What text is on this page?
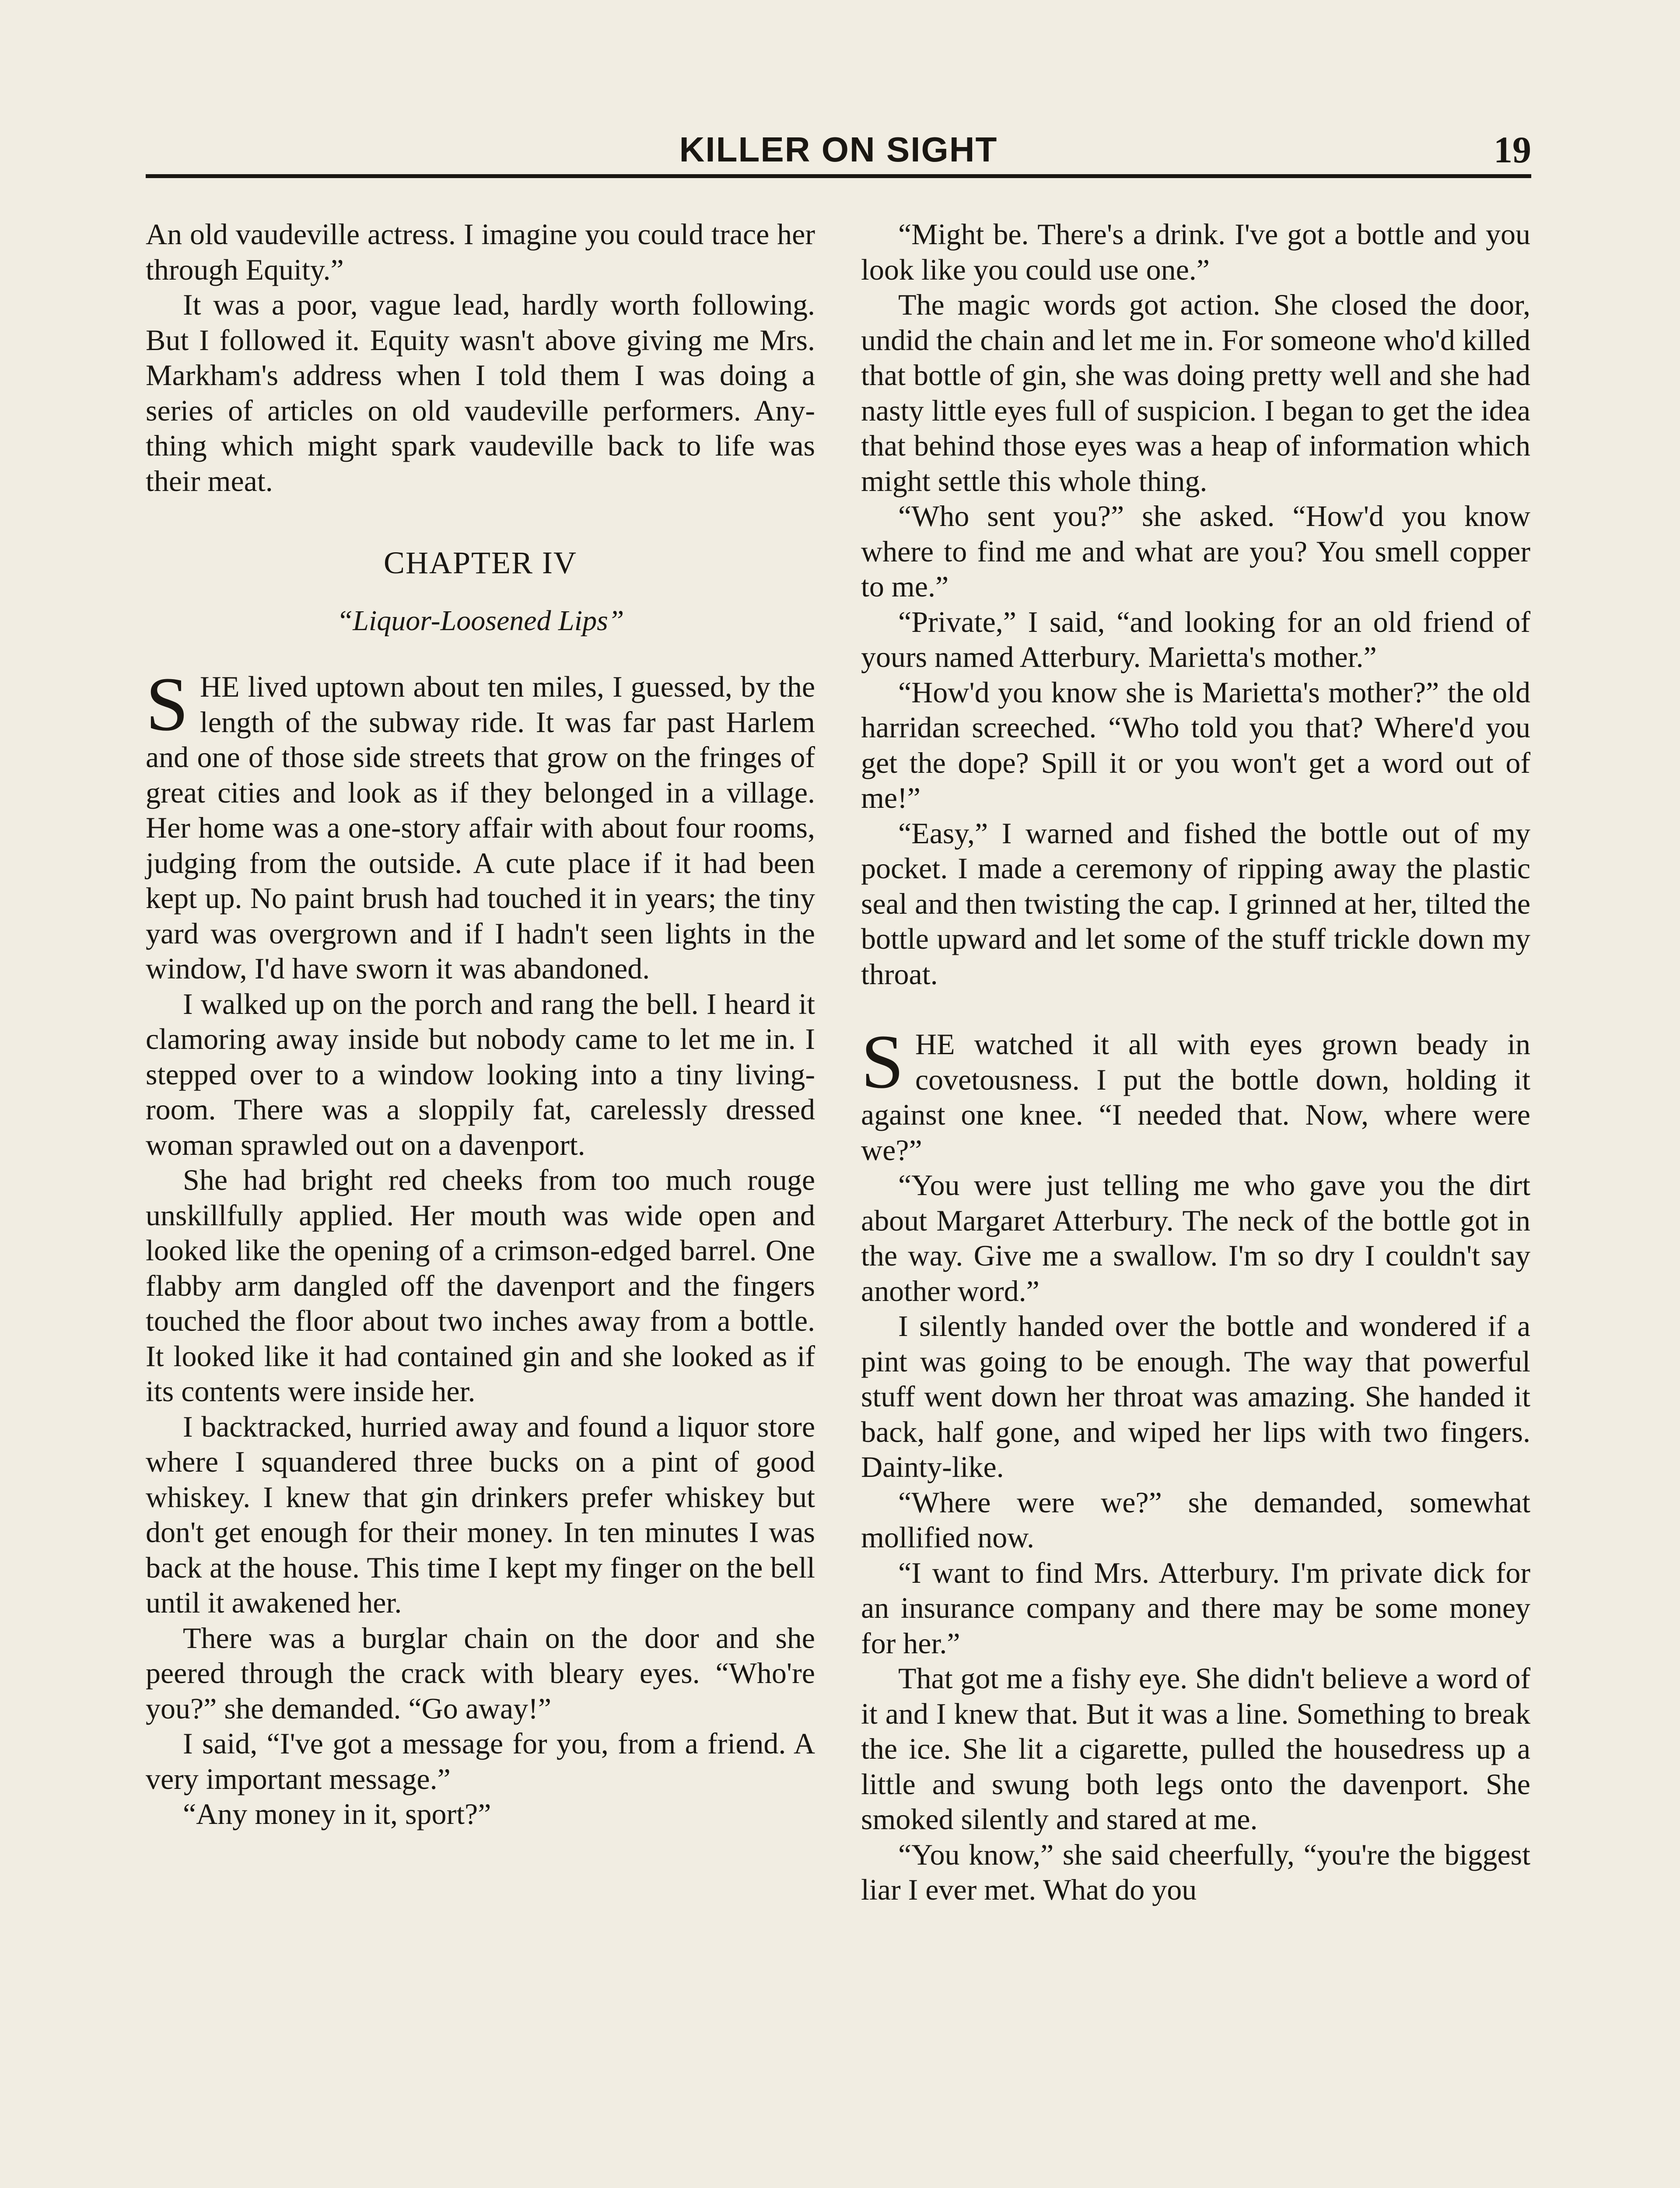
KILLER ON SIGHT	19

An old vaudeville actress. I imagine you could trace her through Equity.”

It was a poor, vague lead, hardly worth following. But I followed it. Equity wasn't above giving me Mrs. Markham's address when I told them I was doing a series of articles on old vaudeville performers. Anything which might spark vaudeville back to life was their meat.

CHAPTER IV
“Liquor-Loosened Lips”

SHE lived uptown about ten miles, I guessed, by the length of the subway ride. It was far past Harlem and one of those side streets that grow on the fringes of great cities and look as if they belonged in a village. Her home was a one-story affair with about four rooms, judging from the outside. A cute place if it had been kept up. No paint brush had touched it in years; the tiny yard was overgrown and if I hadn't seen lights in the window, I'd have sworn it was abandoned.

I walked up on the porch and rang the bell. I heard it clamoring away inside but nobody came to let me in. I stepped over to a window looking into a tiny livingroom. There was a sloppily fat, carelessly dressed woman sprawled out on a davenport.

She had bright red cheeks from too much rouge unskillfully applied. Her mouth was wide open and looked like the opening of a crimson-edged barrel. One flabby arm dangled off the davenport and the fingers touched the floor about two inches away from a bottle. It looked like it had contained gin and she looked as if its contents were inside her.

I backtracked, hurried away and found a liquor store where I squandered three bucks on a pint of good whiskey. I knew that gin drinkers prefer whiskey but don't get enough for their money. In ten minutes I was back at the house. This time I kept my finger on the bell until it awakened her.

There was a burglar chain on the door and she peered through the crack with bleary eyes. “Who're you?” she demanded. “Go away!”

I said, “I've got a message for you, from a friend. A very important message.”

“Any money in it, sport?”

“Might be. There's a drink. I've got a bottle and you look like you could use one.”

The magic words got action. She closed the door, undid the chain and let me in. For someone who'd killed that bottle of gin, she was doing pretty well and she had nasty little eyes full of suspicion. I began to get the idea that behind those eyes was a heap of information which might settle this whole thing.

“Who sent you?” she asked. “How'd you know where to find me and what are you? You smell copper to me.”

“Private,” I said, “and looking for an old friend of yours named Atterbury. Marietta's mother.”

“How'd you know she is Marietta's mother?” the old harridan screeched. “Who told you that? Where'd you get the dope? Spill it or you won't get a word out of me!”

“Easy,” I warned and fished the bottle out of my pocket. I made a ceremony of ripping away the plastic seal and then twisting the cap. I grinned at her, tilted the bottle upward and let some of the stuff trickle down my throat.

SHE watched it all with eyes grown beady in covetousness. I put the bottle down, holding it against one knee. “I needed that. Now, where were we?”

“You were just telling me who gave you the dirt about Margaret Atterbury. The neck of the bottle got in the way. Give me a swallow. I'm so dry I couldn't say another word.”

I silently handed over the bottle and wondered if a pint was going to be enough. The way that powerful stuff went down her throat was amazing. She handed it back, half gone, and wiped her lips with two fingers. Dainty-like.

“Where were we?” she demanded, somewhat mollified now.

“I want to find Mrs. Atterbury. I'm private dick for an insurance company and there may be some money for her.”

That got me a fishy eye. She didn't believe a word of it and I knew that. But it was a line. Something to break the ice. She lit a cigarette, pulled the housedress up a little and swung both legs onto the davenport. She smoked silently and stared at me.

“You know,” she said cheerfully, “you're the biggest liar I ever met. What do you
